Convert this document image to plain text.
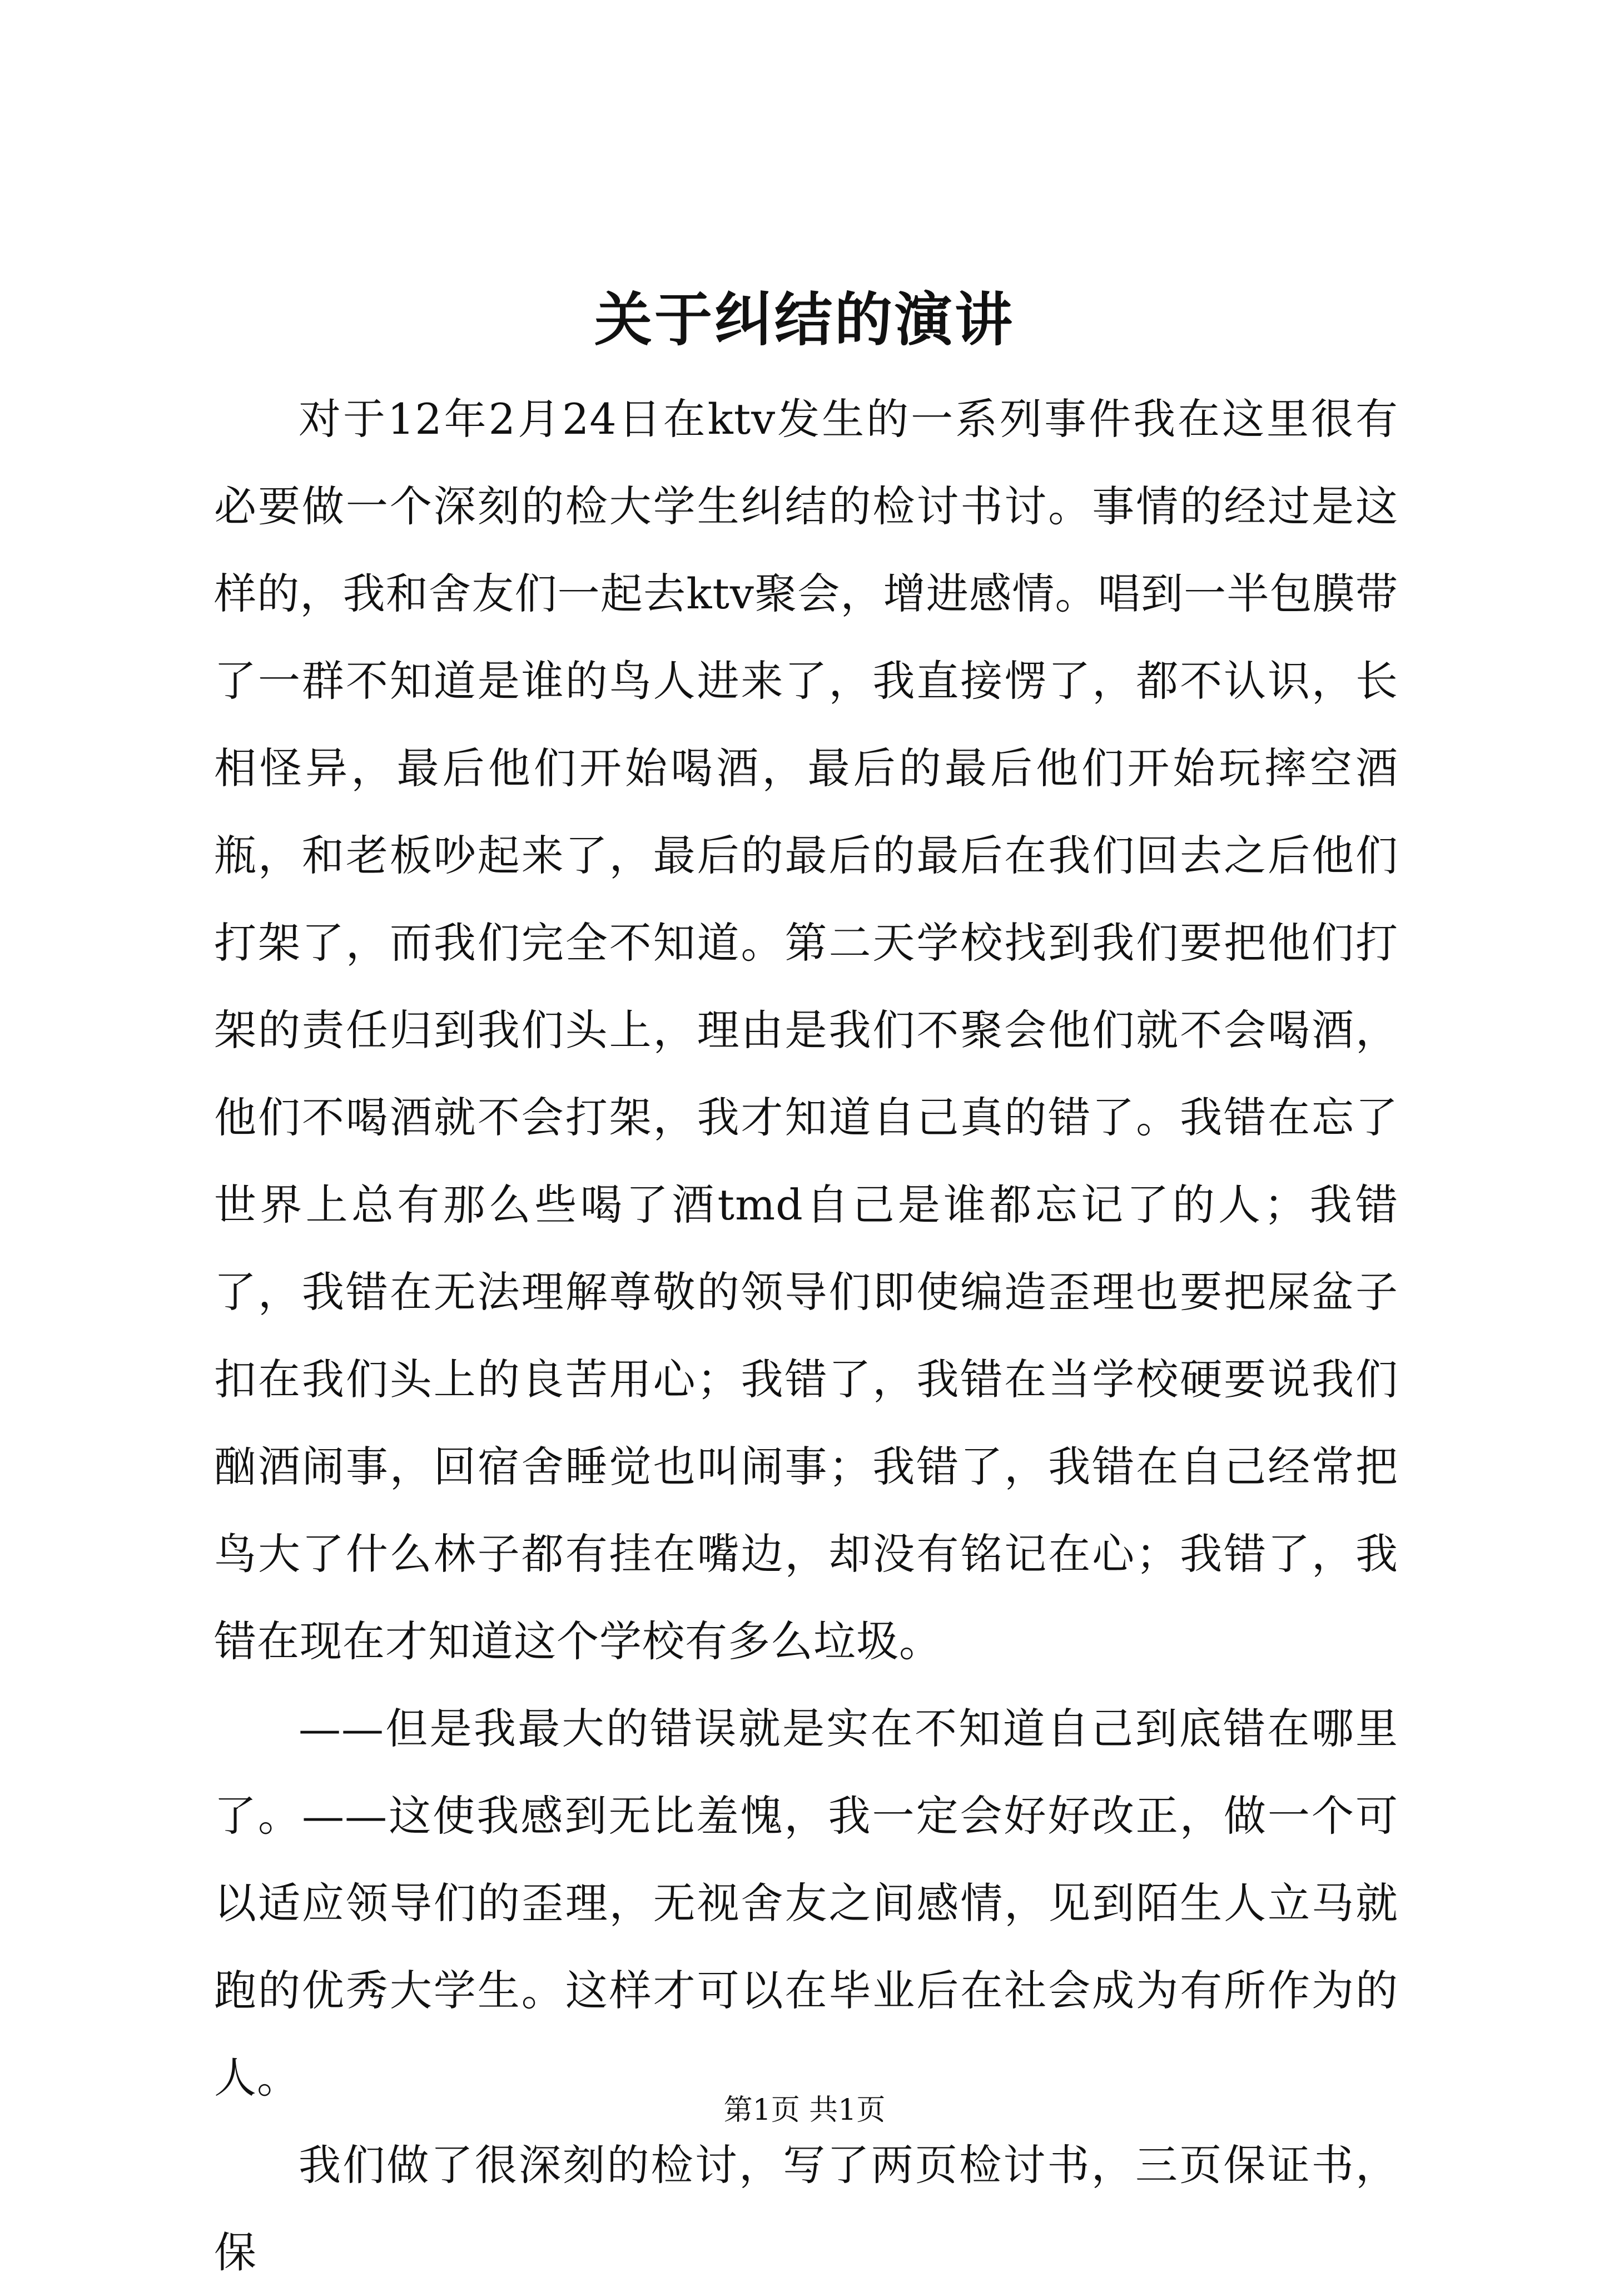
关于纠结的演讲

对于12年2月24日在ktv发生的一系列事件我在这里很有必要做一个深刻的检大学生纠结的检讨书讨。事情的经过是这样的，我和舍友们一起去ktv聚会，增进感情。唱到一半包膜带了一群不知道是谁的鸟人进来了，我直接愣了，都不认识，长相怪异，最后他们开始喝酒，最后的最后他们开始玩摔空酒瓶，和老板吵起来了，最后的最后的最后在我们回去之后他们打架了，而我们完全不知道。第二天学校找到我们要把他们打架的责任归到我们头上，理由是我们不聚会他们就不会喝酒，他们不喝酒就不会打架，我才知道自己真的错了。我错在忘了世界上总有那么些喝了酒tmd自己是谁都忘记了的人；我错了，我错在无法理解尊敬的领导们即使编造歪理也要把屎盆子扣在我们头上的良苦用心；我错了，我错在当学校硬要说我们酗酒闹事，回宿舍睡觉也叫闹事；我错了，我错在自己经常把鸟大了什么林子都有挂在嘴边，却没有铭记在心；我错了，我错在现在才知道这个学校有多么垃圾。

——但是我最大的错误就是实在不知道自己到底错在哪里了。——这使我感到无比羞愧，我一定会好好改正，做一个可以适应领导们的歪理，无视舍友之间感情，见到陌生人立马就跑的优秀大学生。这样才可以在毕业后在社会成为有所作为的人。

我们做了很深刻的检讨，写了两页检讨书，三页保证书，保

第1页 共1页
